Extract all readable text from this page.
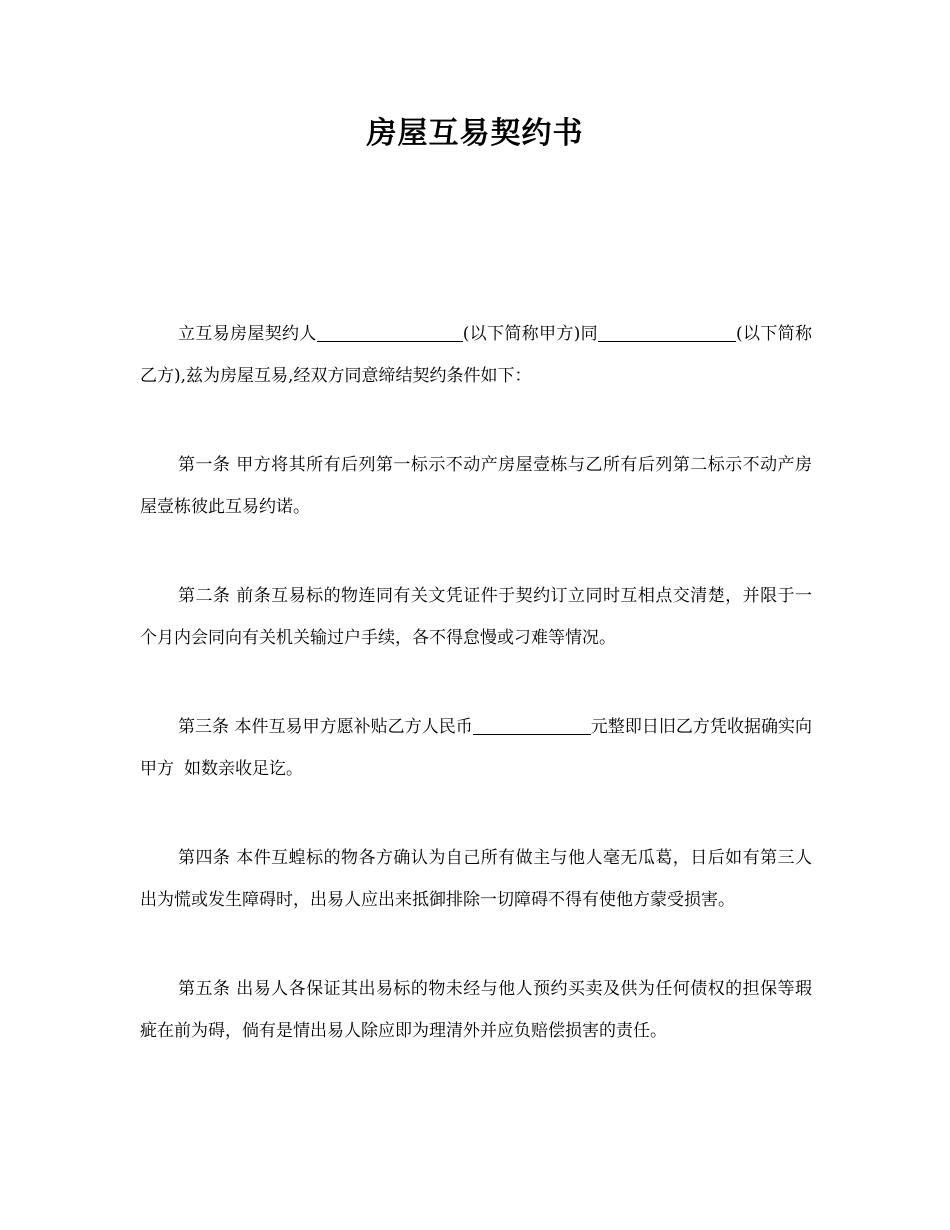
房屋互易契约书

立互易房屋契约人	(以下简称甲方)同	(以下简称乙方),兹为房屋互易,经双方同意缔结契约条件如下：

第一条 甲方将其所有后列第一标示不动产房屋壹栋与乙所有后列第二标示不动产房屋壹栋彼此互易约诺。

第二条 前条互易标的物连同有关文凭证件于契约订立同时互相点交清楚，并限于一个月内会同向有关机关输过户手续，各不得怠慢或刁难等情况。

第三条 本件互易甲方愿补贴乙方人民币	元整即日旧乙方凭收据确实向甲方 如数亲收足讫。

第四条 本件互蝗标的物各方确认为自己所有做主与他人毫无瓜葛，日后如有第三人出为慌或发生障碍时，出易人应出来抵御排除一切障碍不得有使他方蒙受损害。

第五条 出易人各保证其出易标的物未经与他人预约买卖及供为任何债权的担保等瑕疵在前为碍，倘有是情出易人除应即为理清外并应负赔偿损害的责任。
